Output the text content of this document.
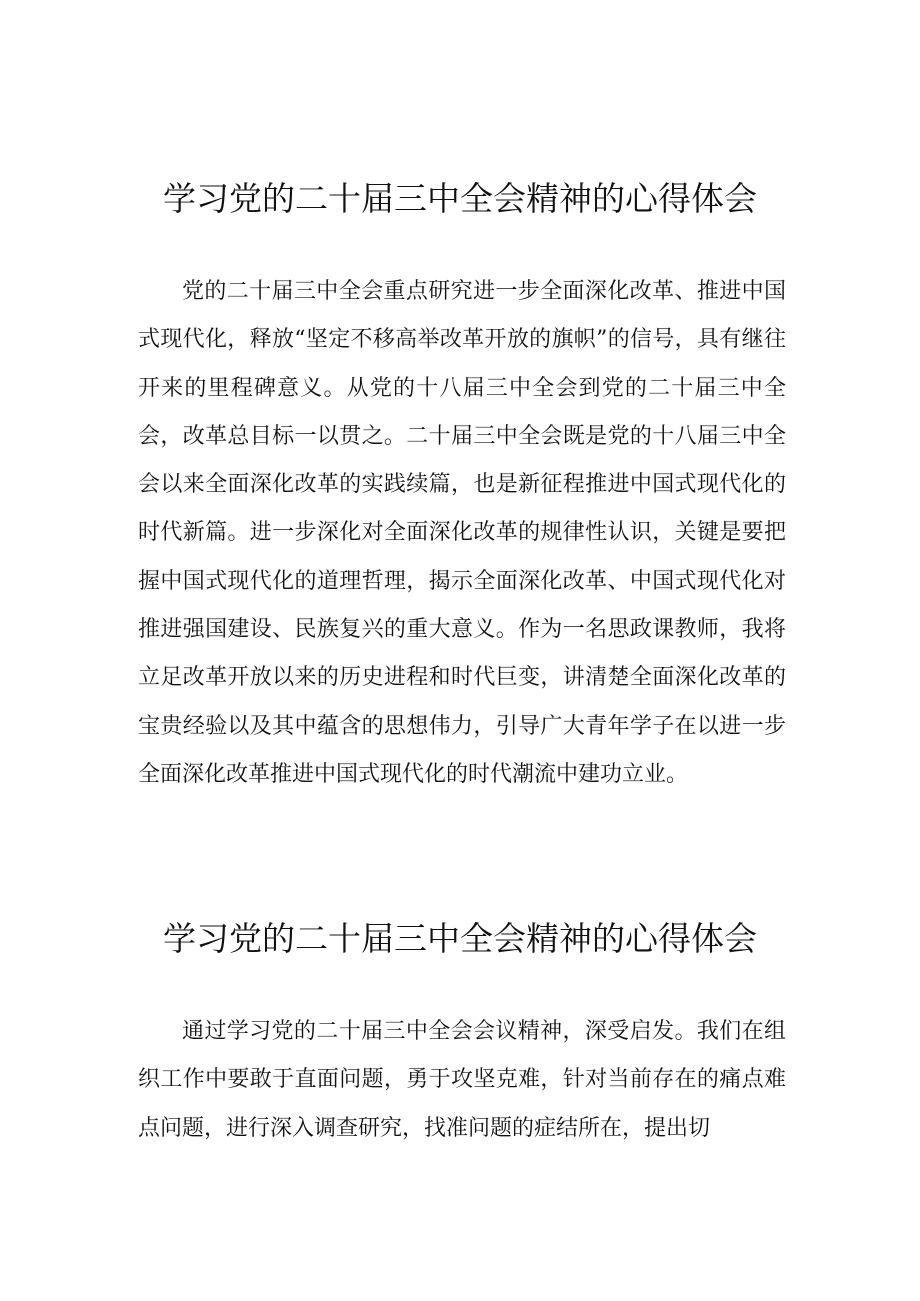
学习党的二十届三中全会精神的心得体会

党的二十届三中全会重点研究进一步全面深化改革、推进中国式现代化，释放“坚定不移高举改革开放的旗帜”的信号，具有继往开来的里程碑意义。从党的十八届三中全会到党的二十届三中全会，改革总目标一以贯之。二十届三中全会既是党的十八届三中全会以来全面深化改革的实践续篇，也是新征程推进中国式现代化的时代新篇。进一步深化对全面深化改革的规律性认识，关键是要把握中国式现代化的道理哲理，揭示全面深化改革、中国式现代化对推进强国建设、民族复兴的重大意义。作为一名思政课教师，我将立足改革开放以来的历史进程和时代巨变，讲清楚全面深化改革的宝贵经验以及其中蕴含的思想伟力，引导广大青年学子在以进一步全面深化改革推进中国式现代化的时代潮流中建功立业。

学习党的二十届三中全会精神的心得体会

通过学习党的二十届三中全会会议精神，深受启发。我们在组织工作中要敢于直面问题，勇于攻坚克难，针对当前存在的痛点难点问题，进行深入调查研究，找准问题的症结所在，提出切
